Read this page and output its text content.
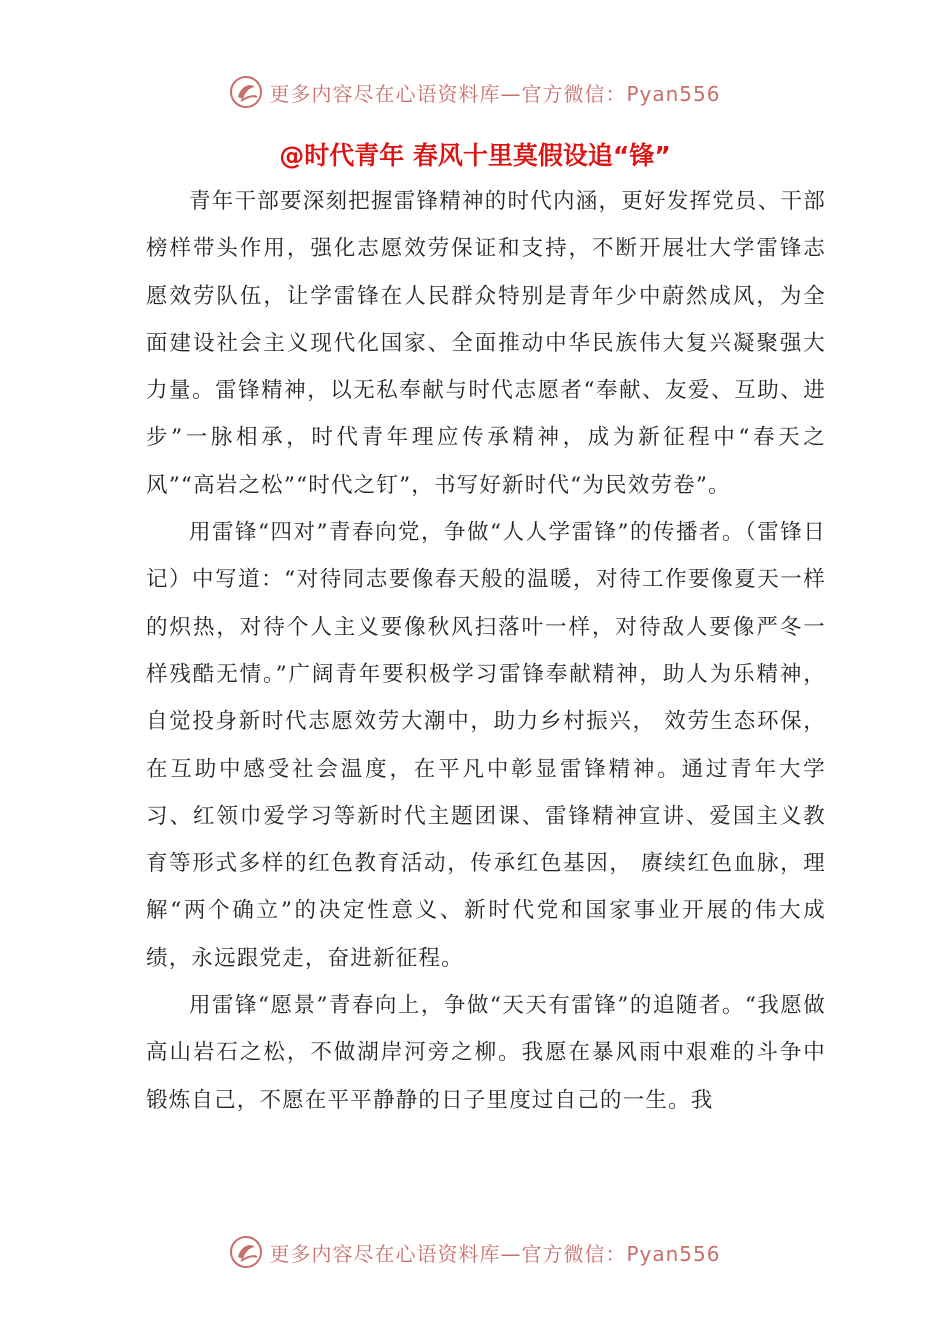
更多内容尽在心语资料库—官方微信：Pyan556
@时代青年 春风十里莫假设追“锋”

青年干部要深刻把握雷锋精神的时代内涵，更好发挥党员、干部榜样带头作用，强化志愿效劳保证和支持，不断开展壮大学雷锋志愿效劳队伍，让学雷锋在人民群众特别是青年少中蔚然成风，为全面建设社会主义现代化国家、全面推动中华民族伟大复兴凝聚强大力量。雷锋精神，以无私奉献与时代志愿者“奉献、友爱、互助、进步”一脉相承，时代青年理应传承精神，成为新征程中“春天之风”“高岩之松”“时代之钉”，书写好新时代“为民效劳卷”。

用雷锋“四对”青春向党，争做“人人学雷锋”的传播者。（雷锋日记）中写道：“对待同志要像春天般的温暖，对待工作要像夏天一样的炽热，对待个人主义要像秋风扫落叶一样，对待敌人要像严冬一样残酷无情。”广阔青年要积极学习雷锋奉献精神，助人为乐精神，自觉投身新时代志愿效劳大潮中，助力乡村振兴， 效劳生态环保，在互助中感受社会温度，在平凡中彰显雷锋精神。通过青年大学习、红领巾爱学习等新时代主题团课、雷锋精神宣讲、爱国主义教育等形式多样的红色教育活动，传承红色基因， 赓续红色血脉，理解“两个确立”的决定性意义、新时代党和国家事业开展的伟大成绩，永远跟党走，奋进新征程。

用雷锋“愿景”青春向上，争做“天天有雷锋”的追随者。“我愿做高山岩石之松，不做湖岸河旁之柳。我愿在暴风雨中艰难的斗争中锻炼自己，不愿在平平静静的日子里度过自己的一生。我

更多内容尽在心语资料库—官方微信：Pyan556
